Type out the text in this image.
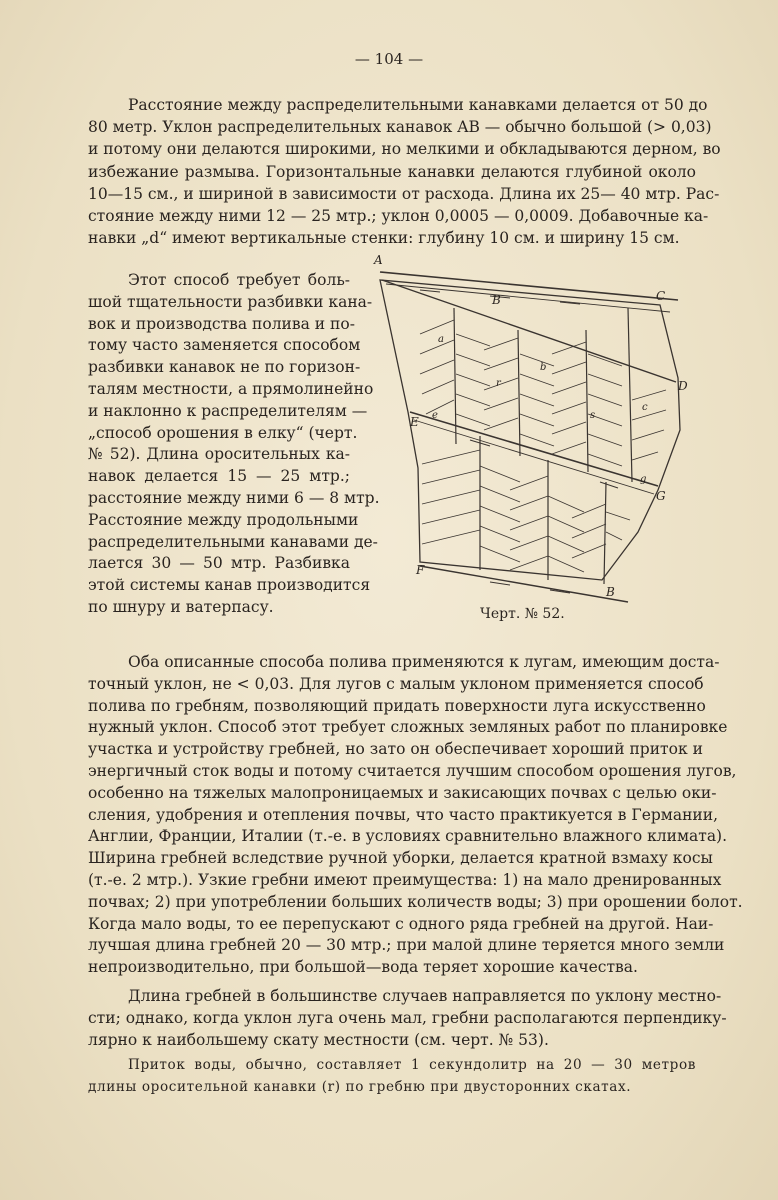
— 104 —

Расстояние между распределительными канавками делается от 50 до
80 метр. Уклон распределительных канавок AB — обычно большой (> 0,03)
и потому они делаются широкими, но мелкими и обкладываются дерном, во
избежание размыва. Горизонтальные канавки делаются глубиной около
10—15 см., и шириной в зависимости от расхода. Длина их 25— 40 мтр. Рас-
стояние между ними 12 — 25 мтр.; уклон 0,0005 — 0,0009. Добавочные ка-
навки „d“ имеют вертикальные стенки: глубину 10 см. и ширину 15 см.

Этот способ требует боль-
шой тщательности разбивки кана-
вок и производства полива и по-
тому часто заменяется способом
разбивки канавок не по горизон-
талям местности, а прямолинейно
и наклонно к распределителям —
„способ орошения в елку“ (черт.
№ 52). Длина оросительных ка-
навок делается 15 — 25 мтр.;
расстояние между ними 6 — 8 мтр.
Расстояние между продольными
распределительными канавами де-
лается 30 — 50 мтр. Разбивка
этой системы канав производится
по шнуру и ватерпасу.

A
B	C
D
E
G
F
B
a
b
c
e
g
r
s
Черт. № 52.

Оба описанные способа полива применяются к лугам, имеющим доста-
точный уклон, не < 0,03. Для лугов с малым уклоном применяется способ
полива по гребням, позволяющий придать поверхности луга искусственно
нужный уклон. Способ этот требует сложных земляных работ по планировке
участка и устройству гребней, но зато он обеспечивает хороший приток и
энергичный сток воды и потому считается лучшим способом орошения лугов,
особенно на тяжелых малопроницаемых и закисающих почвах с целью оки-
сления, удобрения и отепления почвы, что часто практикуется в Германии,
Англии, Франции, Италии (т.-е. в условиях сравнительно влажного климата).
Ширина гребней вследствие ручной уборки, делается кратной взмаху косы
(т.-е. 2 мтр.). Узкие гребни имеют преимущества: 1) на мало дренированных
почвах; 2) при употреблении больших количеств воды; 3) при орошении болот.
Когда мало воды, то ее перепускают с одного ряда гребней на другой. Наи-
лучшая длина гребней 20 — 30 мтр.; при малой длине теряется много земли
непроизводительно, при большой—вода теряет хорошие качества.

Длина гребней в большинстве случаев направляется по уклону местно-
сти; однако, когда уклон луга очень мал, гребни располагаются перпендику-
лярно к наибольшему скату местности (см. черт. № 53).

Приток воды, обычно, составляет 1 секундолитр на 20 — 30 метров
длины оросительной канавки (r) по гребню при двусторонних скатах.
